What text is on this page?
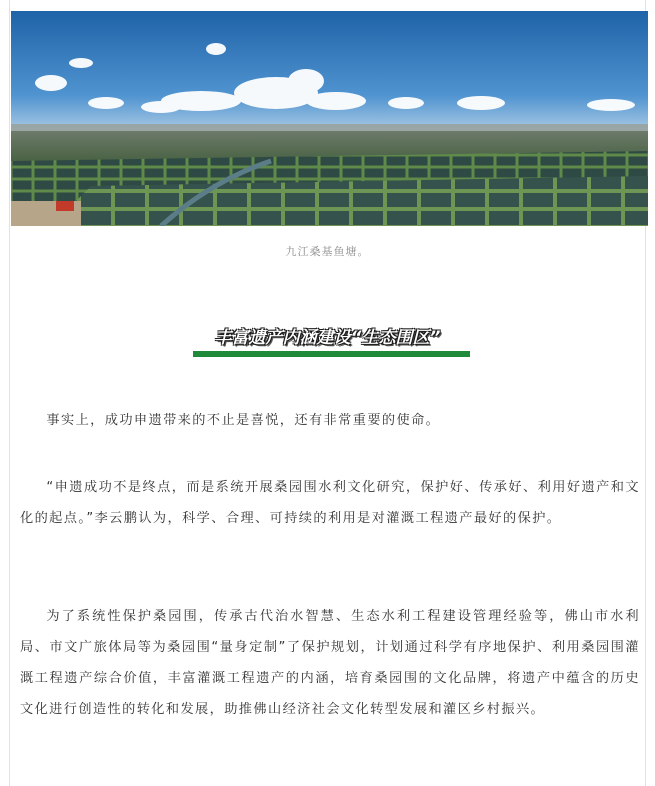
九江桑基鱼塘。
丰富遗产内涵建设“生态围区”

事实上，成功申遗带来的不止是喜悦，还有非常重要的使命。

“申遗成功不是终点，而是系统开展桑园围水利文化研究，保护好、传承好、利用好遗产和文化的起点。”李云鹏认为，科学、合理、可持续的利用是对灌溉工程遗产最好的保护。

为了系统性保护桑园围，传承古代治水智慧、生态水利工程建设管理经验等，佛山市水利局、市文广旅体局等为桑园围“量身定制”了保护规划，计划通过科学有序地保护、利用桑园围灌溉工程遗产综合价值，丰富灌溉工程遗产的内涵，培育桑园围的文化品牌，将遗产中蕴含的历史文化进行创造性的转化和发展，助推佛山经济社会文化转型发展和灌区乡村振兴。
